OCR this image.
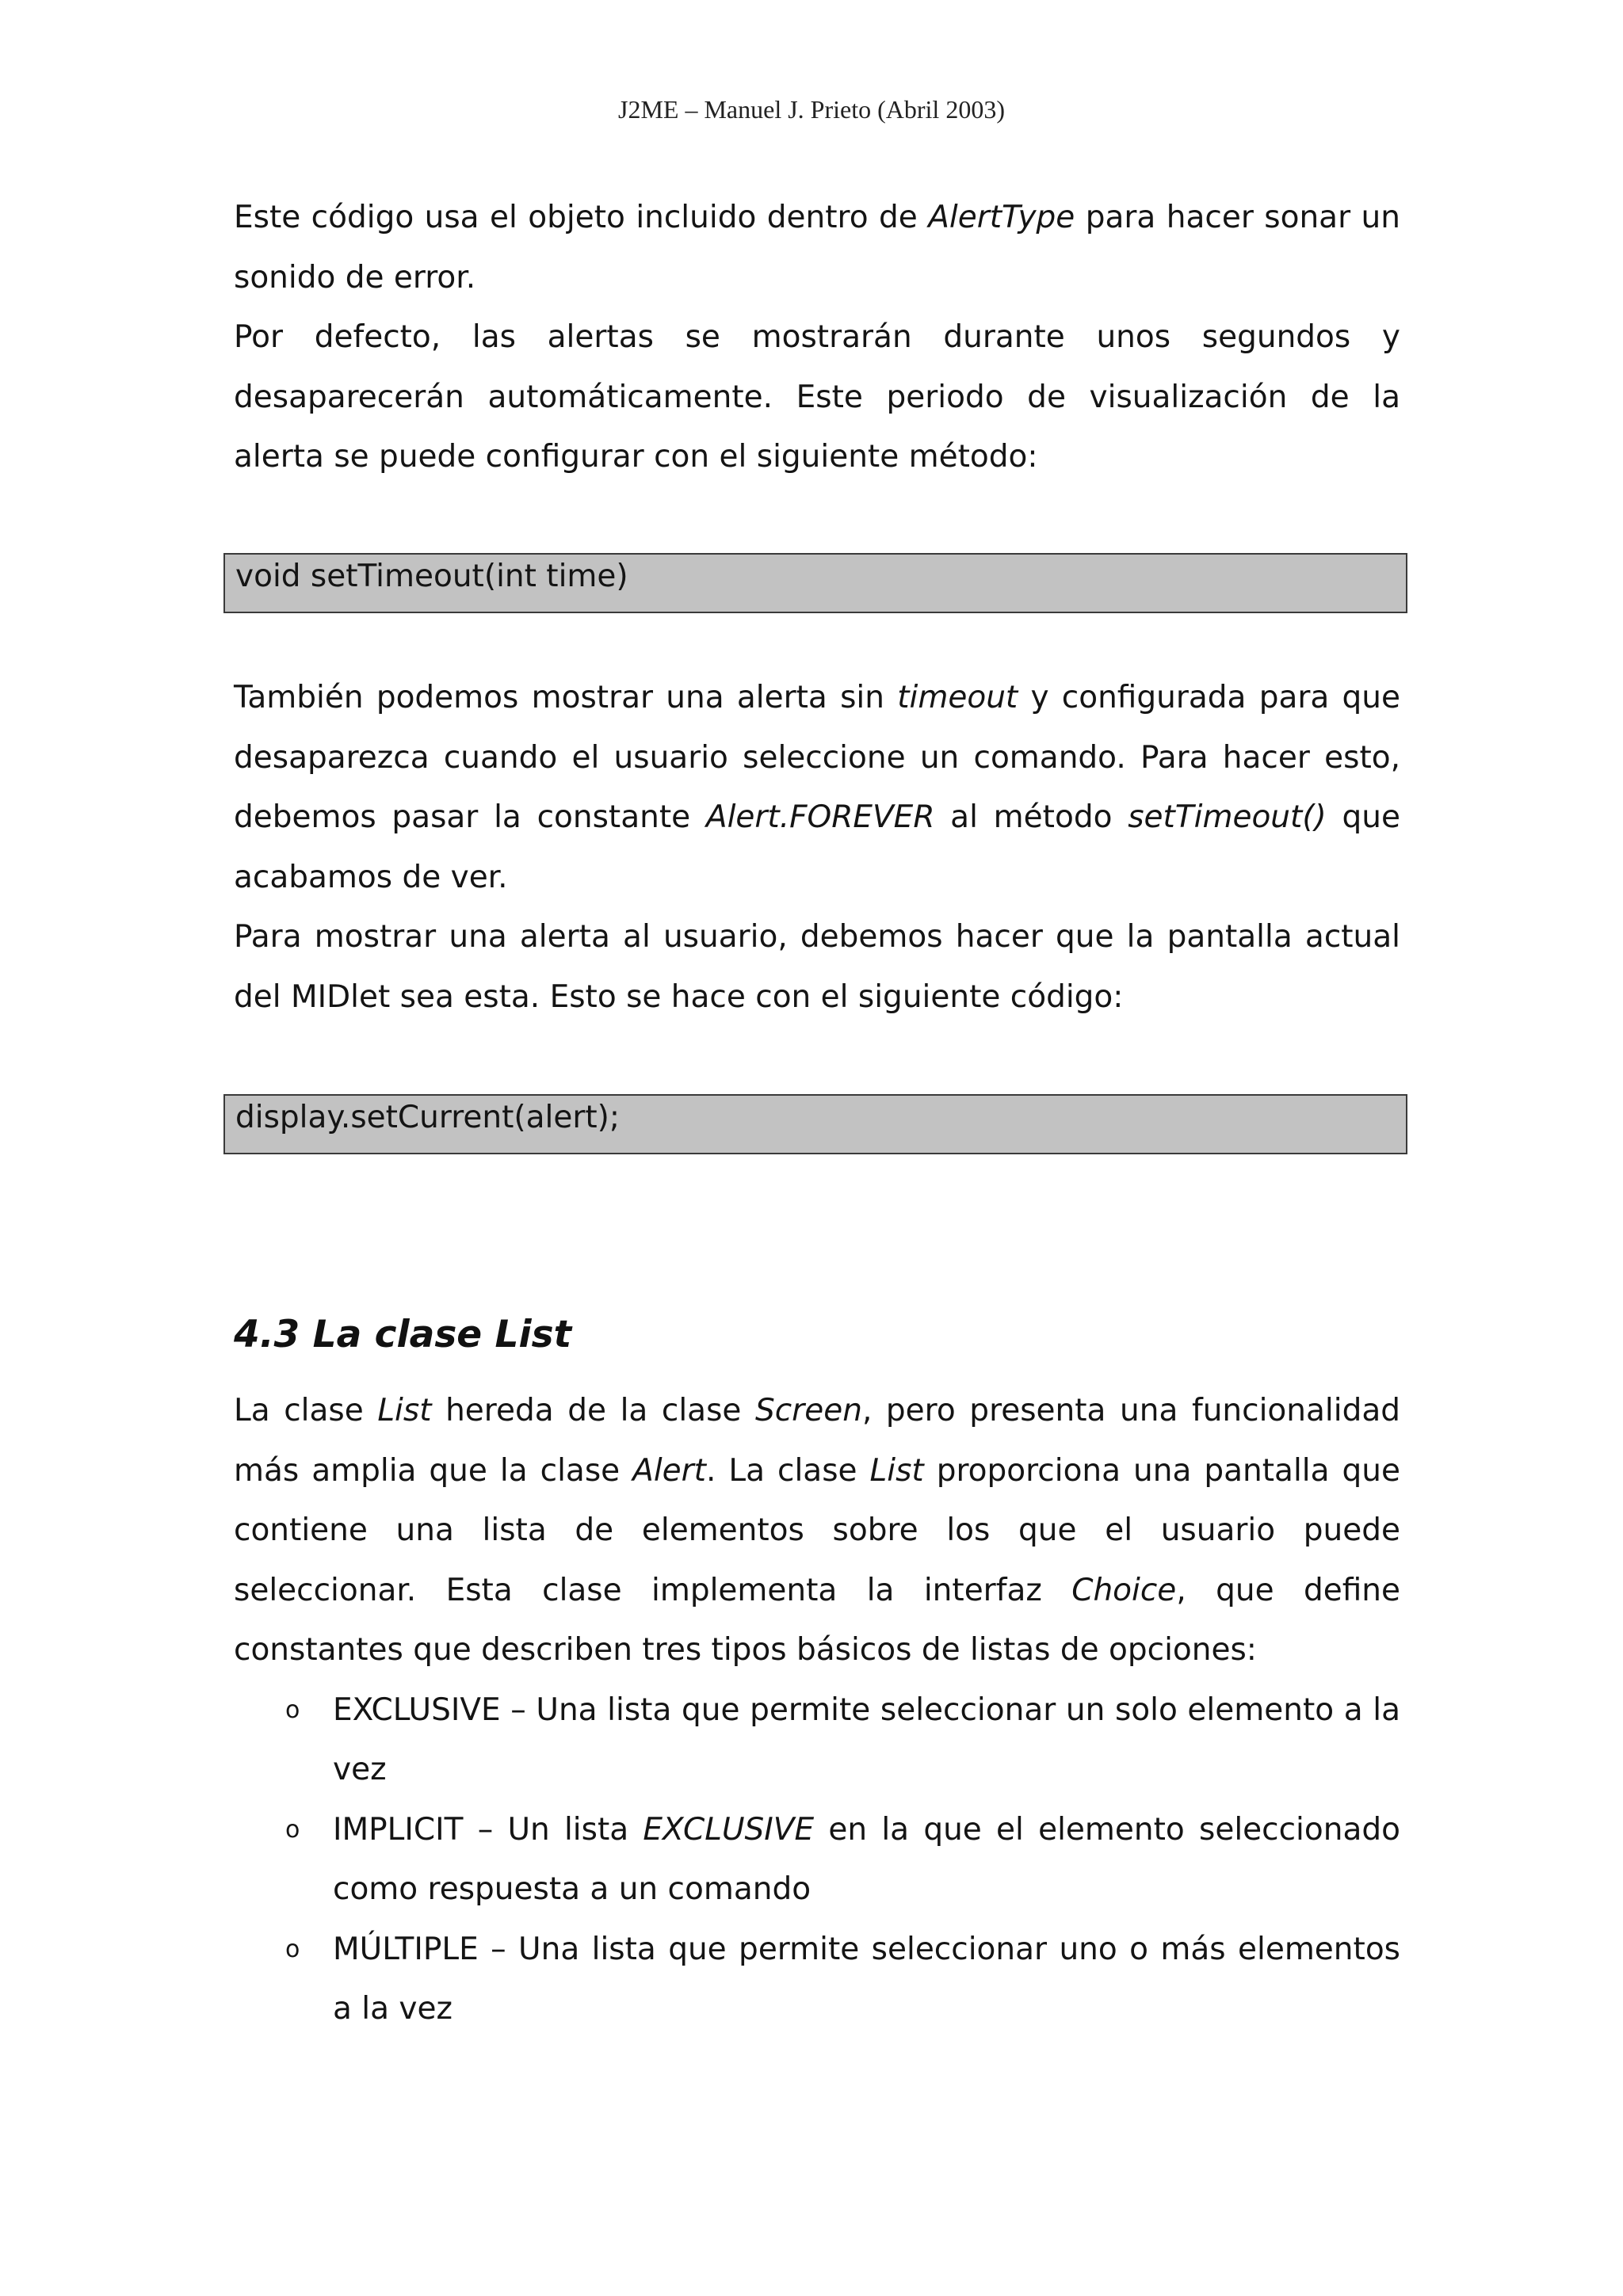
J2ME – Manuel J. Prieto (Abril 2003)

Este código usa el objeto incluido dentro de AlertType para hacer sonar un sonido de error.

Por defecto, las alertas se mostrarán durante unos segundos y desaparecerán automáticamente. Este periodo de visualización de la alerta se puede configurar con el siguiente método:

void setTimeout(int time)

También podemos mostrar una alerta sin timeout y configurada para que desaparezca cuando el usuario seleccione un comando. Para hacer esto, debemos pasar la constante Alert.FOREVER al método setTimeout() que acabamos de ver.

Para mostrar una alerta al usuario, debemos hacer que la pantalla actual del MIDlet sea esta. Esto se hace con el siguiente código:

display.setCurrent(alert);
4.3 La clase List

La clase List hereda de la clase Screen, pero presenta una funcionalidad más amplia que la clase Alert. La clase List proporciona una pantalla que contiene una lista de elementos sobre los que el usuario puede seleccionar. Esta clase implementa la interfaz Choice, que define constantes que describen tres tipos básicos de listas de opciones:

o EXCLUSIVE – Una lista que permite seleccionar un solo elemento a la vez
o IMPLICIT – Un lista EXCLUSIVE en la que el elemento seleccionado como respuesta a un comando
o MÚLTIPLE – Una lista que permite seleccionar uno o más elementos a la vez
